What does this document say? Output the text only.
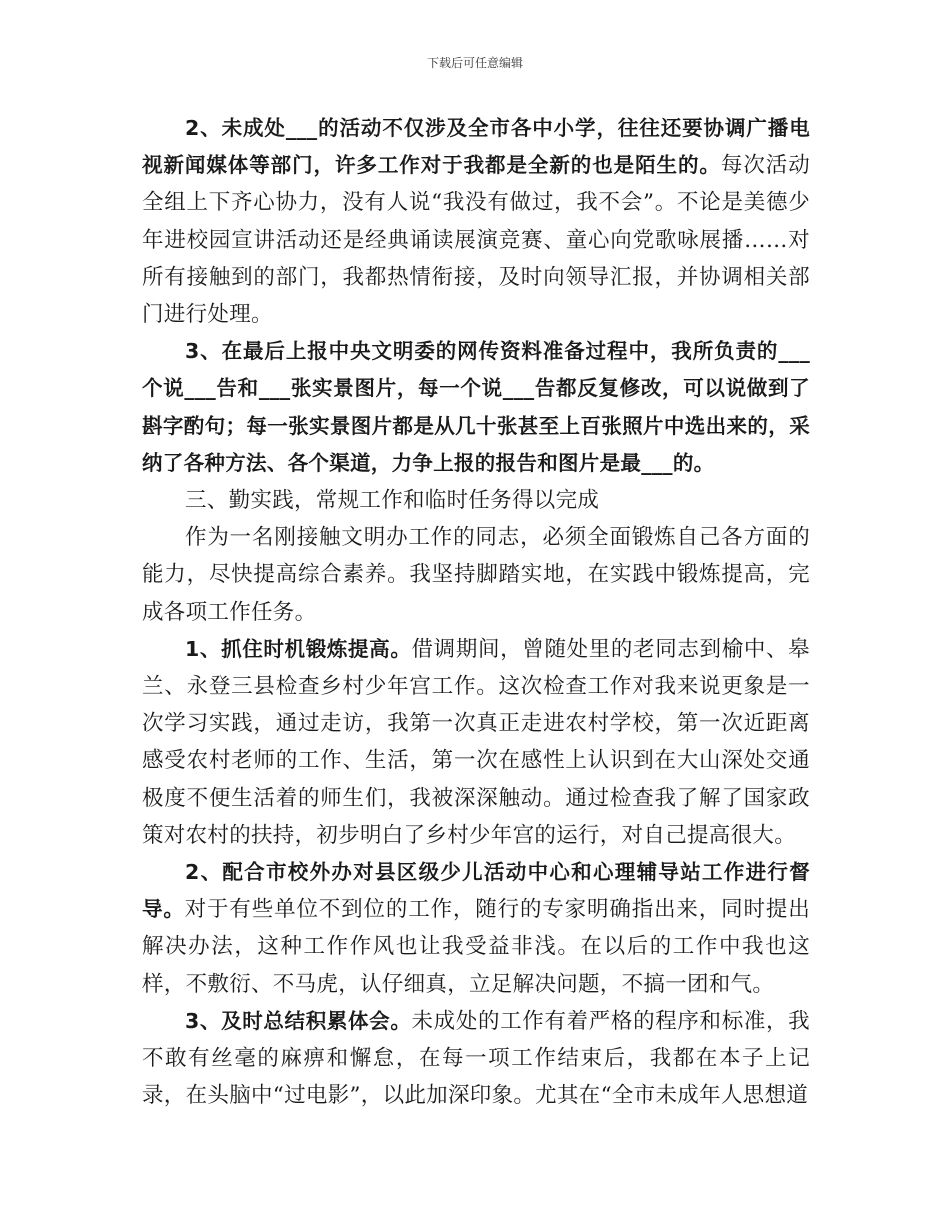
下载后可任意编辑

2、未成处___的活动不仅涉及全市各中小学，往往还要协调广播电视新闻媒体等部门，许多工作对于我都是全新的也是陌生的。每次活动全组上下齐心协力，没有人说“我没有做过，我不会”。不论是美德少年进校园宣讲活动还是经典诵读展演竞赛、童心向党歌咏展播……对所有接触到的部门，我都热情衔接，及时向领导汇报，并协调相关部门进行处理。

3、在最后上报中央文明委的网传资料准备过程中，我所负责的___个说___告和___张实景图片，每一个说___告都反复修改，可以说做到了斟字酌句；每一张实景图片都是从几十张甚至上百张照片中选出来的，采纳了各种方法、各个渠道，力争上报的报告和图片是最___的。

三、勤实践，常规工作和临时任务得以完成

作为一名刚接触文明办工作的同志，必须全面锻炼自己各方面的能力，尽快提高综合素养。我坚持脚踏实地，在实践中锻炼提高，完成各项工作任务。

1、抓住时机锻炼提高。借调期间，曾随处里的老同志到榆中、皋兰、永登三县检查乡村少年宫工作。这次检查工作对我来说更象是一次学习实践，通过走访，我第一次真正走进农村学校，第一次近距离感受农村老师的工作、生活，第一次在感性上认识到在大山深处交通极度不便生活着的师生们，我被深深触动。通过检查我了解了国家政策对农村的扶持，初步明白了乡村少年宫的运行，对自己提高很大。

2、配合市校外办对县区级少儿活动中心和心理辅导站工作进行督导。对于有些单位不到位的工作，随行的专家明确指出来，同时提出解决办法，这种工作作风也让我受益非浅。在以后的工作中我也这样，不敷衍、不马虎，认仔细真，立足解决问题，不搞一团和气。

3、及时总结积累体会。未成处的工作有着严格的程序和标准，我不敢有丝毫的麻痹和懈怠，在每一项工作结束后，我都在本子上记录，在头脑中“过电影”，以此加深印象。尤其在“全市未成年人思想道
